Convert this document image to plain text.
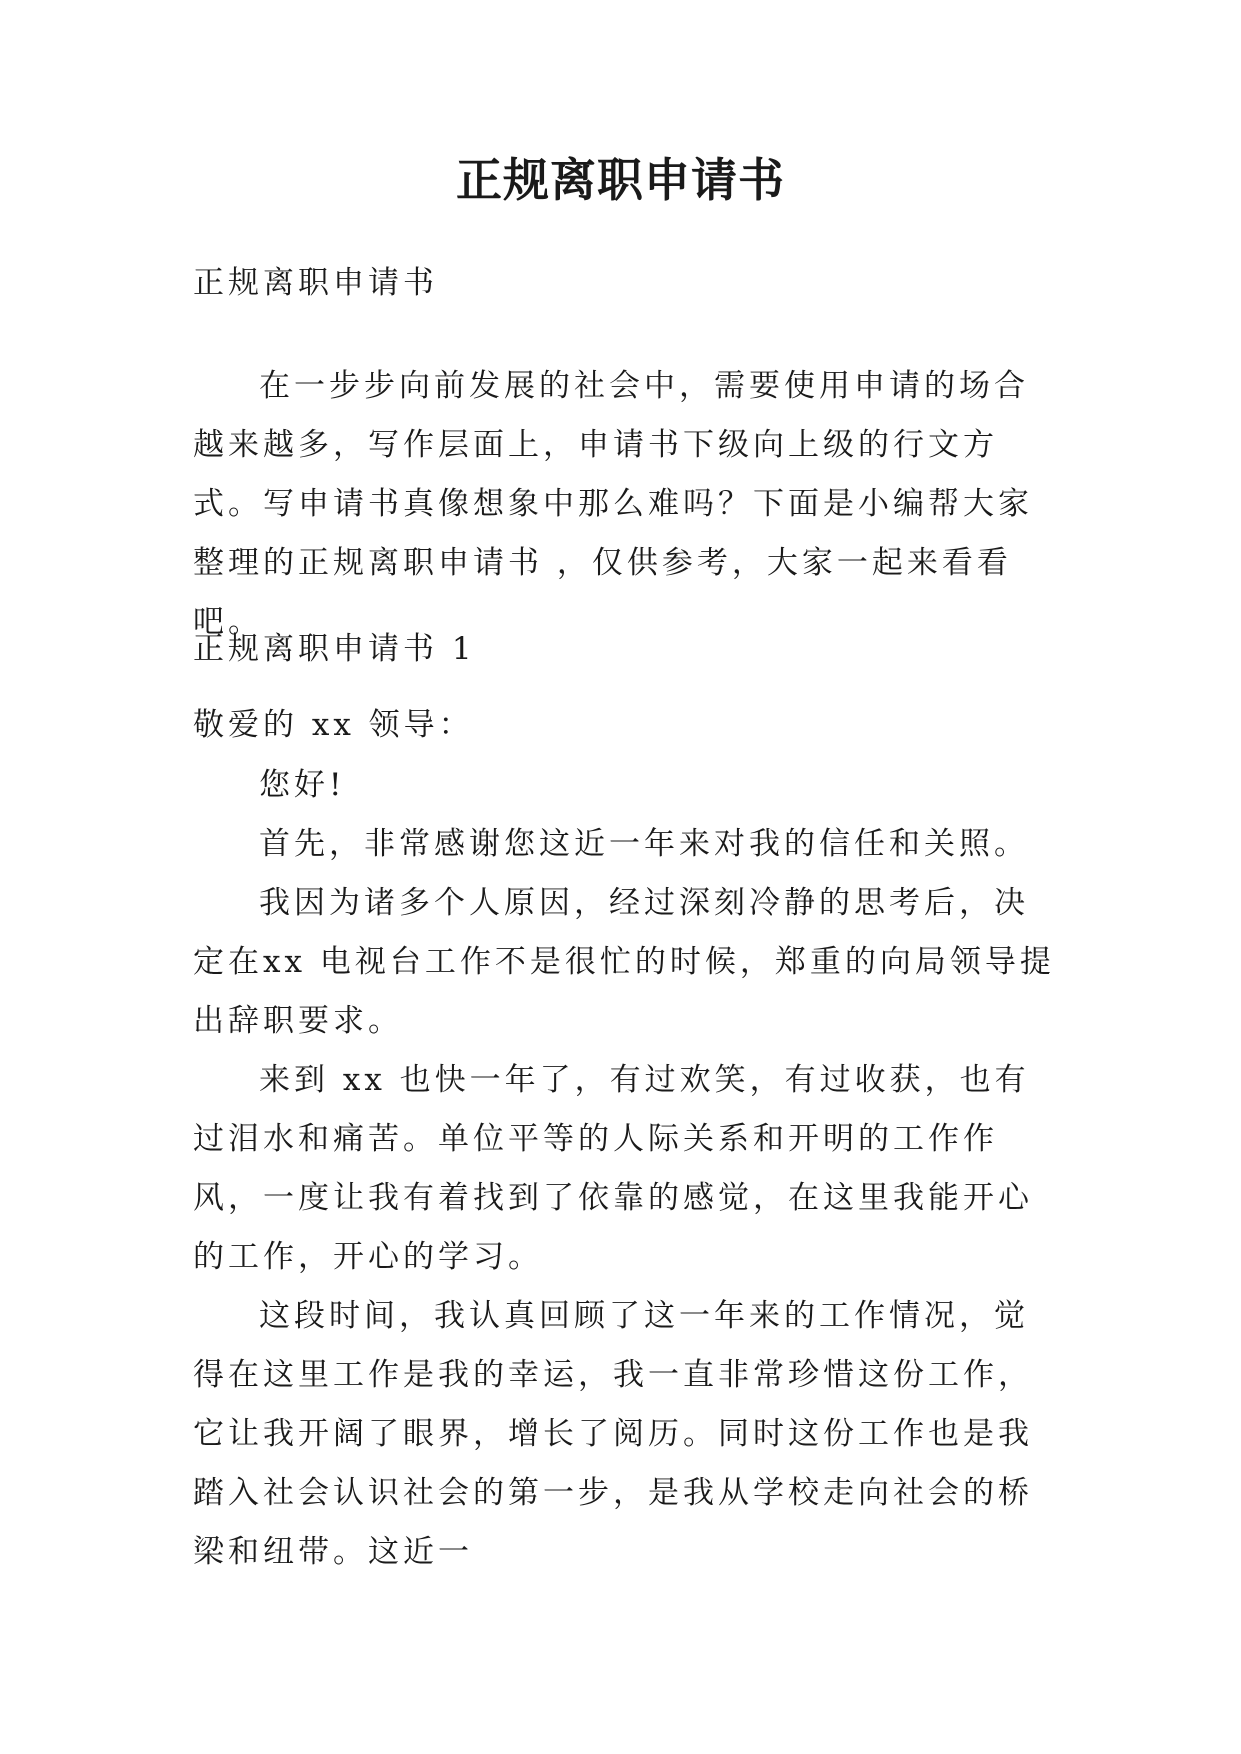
正规离职申请书

正规离职申请书

在一步步向前发展的社会中，需要使用申请的场合越来越多，写作层面上，申请书下级向上级的行文方式。写申请书真像想象中那么难吗？下面是小编帮大家整理的正规离职申请书 ，仅供参考，大家一起来看看吧。

正规离职申请书 1

敬爱的 xx 领导：

您好!

首先，非常感谢您这近一年来对我的信任和关照。

我因为诸多个人原因，经过深刻冷静的思考后，决定在xx 电视台工作不是很忙的时候，郑重的向局领导提出辞职要求。

来到 xx 也快一年了，有过欢笑，有过收获，也有过泪水和痛苦。单位平等的人际关系和开明的工作作风，一度让我有着找到了依靠的感觉，在这里我能开心的工作，开心的学习。

这段时间，我认真回顾了这一年来的工作情况，觉得在这里工作是我的幸运，我一直非常珍惜这份工作，它让我开阔了眼界，增长了阅历。同时这份工作也是我踏入社会认识社会的第一步，是我从学校走向社会的桥梁和纽带。这近一
